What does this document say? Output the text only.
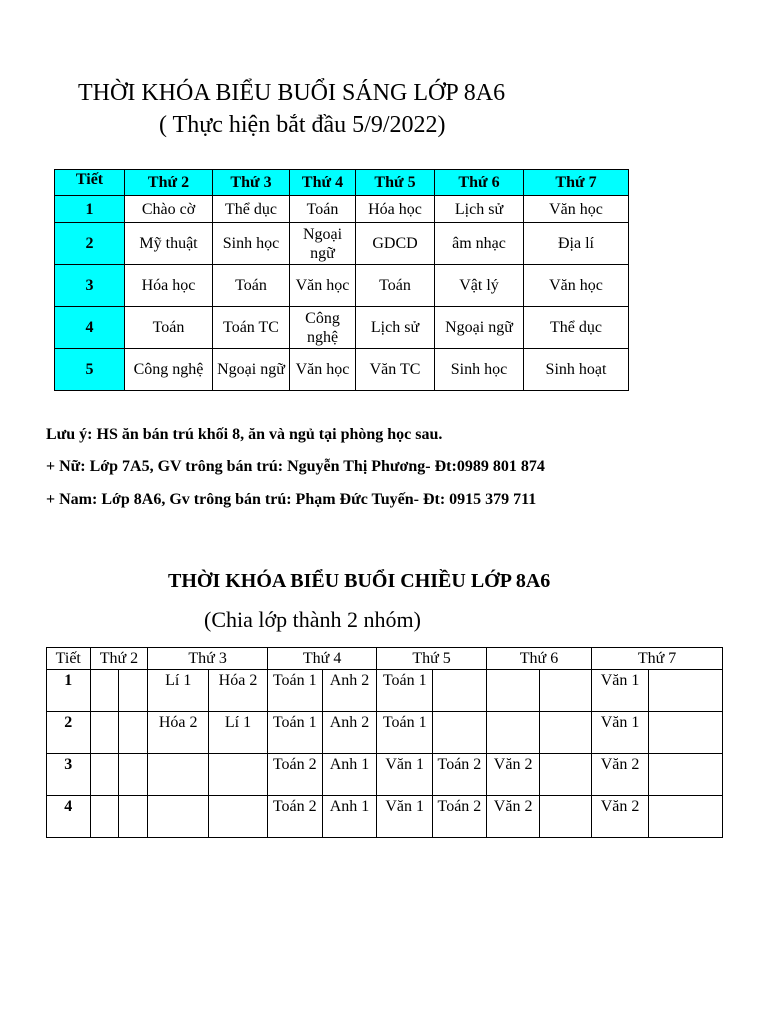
THỜI KHÓA BIỂU BUỔI SÁNG LỚP 8A6
( Thực hiện bắt đầu 5/9/2022)
Tiết	Thứ 2	Thứ 3	Thứ 4	Thứ 5	Thứ 6	Thứ 7
1	Chào cờ	Thể dục	Toán	Hóa học	Lịch sử	Văn học
2	Mỹ thuật	Sinh học	Ngoại ngữ	GDCD	âm nhạc	Địa lí
3	Hóa học	Toán	Văn học	Toán	Vật lý	Văn học
4	Toán	Toán TC	Công nghệ	Lịch sử	Ngoại ngữ	Thể dục
5	Công nghệ	Ngoại ngữ	Văn học	Văn TC	Sinh học	Sinh hoạt
Lưu ý: HS ăn bán trú khối 8, ăn và ngủ tại phòng học sau.
+ Nữ: Lớp 7A5, GV trông bán trú: Nguyễn Thị Phương- Đt:0989 801 874
+ Nam: Lớp 8A6, Gv trông bán trú: Phạm Đức Tuyến- Đt: 0915 379 711
THỜI KHÓA BIỂU BUỔI CHIỀU LỚP 8A6
(Chia lớp thành 2 nhóm)
Tiết	Thứ 2		Thứ 3		Thứ 4		Thứ 5		Thứ 6		Thứ 7	
1			Lí 1	Hóa 2	Toán 1	Anh 2	Toán 1				Văn 1	
2			Hóa 2	Lí 1	Toán 1	Anh 2	Toán 1				Văn 1	
3					Toán 2	Anh 1	Văn 1	Toán 2	Văn 2		Văn 2	
4					Toán 2	Anh 1	Văn 1	Toán 2	Văn 2		Văn 2	
